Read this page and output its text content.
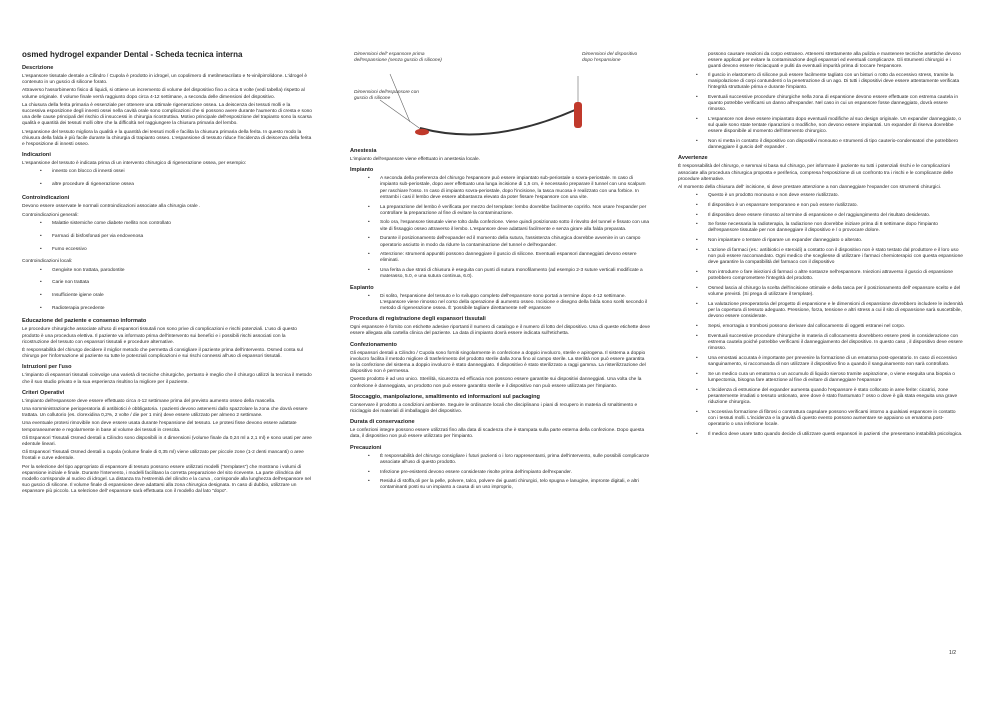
osmed hydrogel expander Dental - Scheda tecnica interna
Descrizione

L'espansore tissutale dentale a Cilindro / Cupola è prodotto in idrogel, un copolimero di metilmetacrilato e N-vinilpirrolidone. L'idrogel è contenuto in un guscio di silicone forato.

Attraverso l'assorbimento fisico di liquidi, si ottiene un incremento di volume del dispositivo fino a circa 6 volte (vedi tabella) rispetto al volume originale. Il volume finale verrà raggiunto dopo circa 4-12 settimane, a seconda delle dimensioni del dispositivo.

La chiusura della ferita primaria è essenziale per ottenere una ottimale rigenerazione ossea. La deiscenza dei tessuti molli e la successiva esposizione degli innesti ossei nella cavità orale sono complicazioni che si possono avere durante l'aumento di cresta e sono una delle cause principali del rischio di insuccessi in chirurgia ricostruttiva. Motivo principale dell'esposizione del trapianto sono la scarsa qualità e quantità dei tessuti molli oltre che la difficoltà nel raggiungere la chiusura primaria del lembo.

L'espansione del tessuto migliora la qualità e la quantità dei tessuti molli e facilita la chiusura primaria della ferita. In questo modo la chiusura della falda è più facile durante la chirurgia di trapianto osseo. L'espansione di tessuto riduce l'incidenza di deiscenza della ferita e l'esposizione di innesti osseo.

Indicazioni

L'espansione del tessuto è indicata prima di un intervento chirurgico di rigenerazione ossea, per esempio:

• innesto con blocco di innesti ossei
• altre procedure di rigenerazione ossea
Controindicazioni

Devono essere osservate le normali controindicazioni associate alla chirurgia orale .

Controindicazioni generali:

• Malattie sistemiche come diabete mellito non controllato
• Farmaci di bisfosfonati per via endovenosa
• Fumo eccessivo

Controindicazioni locali:

• Gengivite non trattata, parodontite
• Carie non trattata
• Insufficiente igiene orale
• Radioterapia precedente
Educazione del paziente e consenso informato

Le procedure chirurgiche associate all'uso di espansori tissutali non sono prive di complicazioni e rischi potenziali. L'uso di questo prodotto è una procedura elettiva. Il paziente va informato prima dell'intervento sui benefici e i possibili rischi associati con la ricostruzione del tessuto con espansori tissutali e procedure alternative.

È responsabilità del chirurgo decidere il miglior metodo che permetta di consigliare il paziente prima dell'intervento. Osmed conta sul chirurgo per l'informazione al paziente su tutte le potenziali complicazioni e sui rischi connessi all'uso di espansori tissutali.

Istruzioni per l'uso

L'impianto di espansori tissutali coinvolge una varietà di tecniche chirurgiche, pertanto è meglio che il chirurgo utilizzi la tecnica il metodo che il suo studio privato e la sua esperienza risultino la migliore per il paziente.

Criteri Operativi

L'impianto dell'espansore deve essere effettuato circa 4-12 settimane prima del previsto aumento osseo della mascella.

Una somministrazione perioperatoria di antibiotici è obbligatoria. I pazienti devono astenersi dallo spazzolare la zona che dovrà essere trattata. Un collutorio (es. clorexidina 0,2%, 2 volte / die per 1 min) deve essere utilizzato per almeno 2 settimane.

Una eventuale protesi rimovibile non deve essere usata durante l'espansione del tessuto. Le protesi fisse devono essere adattate temporaneamente e regolarmente in base al volume dei tessuti in crescita.

Gli Espansori Tissutali Osmed dentali a Cilindro sono disponibili in 4 dimensioni (volume finale da 0,24 ml a 2,1 ml) e sono usati per aree edentule lineari.

Gli Espansori Tissutali Osmed dentali a cupola (volume finale di 0,35 ml) viene utilizzato per piccole zone (1-2 denti mancanti) o aree frontali e curve edentule.

Per la selezione del tipo appropriato di espansore di tessuto possono essere utilizzati modelli ("templates") che mostrano i volumi di espansione iniziale e finale. Durante l'intervento, i modelli facilitano la corretta preparazione del sito ricevente. La parte cilindrica del modello corrisponde al nucleo di idrogel. La distanza tra l'estremità del cilindro e la curva , corrisponde alla lunghezza dell'espansore nel suo guscio di silicone. Il volume finale di espansione deve adattarsi alla zona chirurgica designata. In caso di dubbio, utilizzare un espansore più piccolo. La selezione dell' espansore sarà effettuata con il modello dal lato "dopo".

Dimensioni dell' espansore prima dell'espansione (senza guscio di silicone)
Dimensioni dell'espansore con guscio di silicone
Dimensioni del dispositivo dopo l'espansione
Anestesia

L'impianto dell'espansore viene effettuato in anestesia locale.

Impianto
• A seconda della preferenza del chirurgo l'espansore può essere impiantato sub-periostale o sovra-periostale. In caso di impianto sub-periostale, dopo aver effettuato una lunga incisione di 1,5 cm, è necessario preparare il tunnel con uno scalpum per raschiare l'osso. In caso di impianto sovra-periostale, dopo l'incisione, la tasca mucosa è realizzato con una forbice. In entrambi i casi il lembo deve essere abbastanza elevato da poter fissare l'espansore con una vite.
• La preparazione del lembo è verificata per mezzo del template: lembo dovrebbe facilmente coprirlo. Non usare l'expander per controllare la preparazione al fine di evitare la contaminazione.
• Solo ora, l'espansore tissutale viene tolto dalla confezione. Viene quindi posizionato sotto il risvolto del tunnel e fissato con una vite di fissaggio osseo attraverso il lembo. L'espansore deve adattarsi facilmente e senza girare alla falda preparata.
• Durante il posizionamento dell'expander ed il momento della sutura, l'assistenza chirurgica dovrebbe avvenire in un campo operatorio asciutto in modo da ridurre la contaminazione del tunnel e dell'expander.
• Attenzione: strumenti appuntiti possono danneggiare il guscio di silicone. Eventuali espansori danneggiati devono essere eliminati.
• Una ferita a due strati di chiusura è eseguita con punti di sutura monofilamento (ad esempio 2-3 suture verticali modificate a materasso, 5.0, e una sutura continua, 6.0).
Espianto
• Di solito, l'espansione del tessuto e lo sviluppo completo dell'espansore sono portati a termine dopo 4-12 settimane. L'espansore viene rimosso nel corso della operazione di aumento osseo. Incisione e disegno della falda sono scelti secondo il metodo di rigenerazione ossea. È 'possibile tagliare direttamente nell' espansore
Procedura di registrazione degli espansori tissutali

Ogni espansore è fornito con etichette adesive riportanti il numero di catalogo e il numero di lotto del dispositivo. Una di queste etichette deve essere allegata alla cartella clinica del paziente. La data di impianto dovrà essere indicata sull'etichetta.

Confezionamento

Gli espansori dentali a Cilindro / Cupola sono forniti singolarmente in confezione a doppio involucro, sterile e apirogena. Il sistema a doppio involucro facilita il metodo migliore di trasferimento del prodotto sterile dalla zona fino al campo sterile. La sterilità non può essere garantita se la confezione del sistema a doppio involucro è stato danneggiato. Il dispositivo è stato sterilizzato a raggi gamma. La risterilizzazione del dispositivo non è permessa.

Questo prodotto è ad uso unico. Sterilità, sicurezza ed efficacia non possono essere garantite sui dispositivi danneggiati. Una volta che la confezione è danneggiata, un prodotto non può essere garantito sterile e il dispositivo non può essere utilizzata per l'impianto.

Stoccaggio, manipolazione, smaltimento ed informazioni sul packaging

Conservare il prodotto a condizioni ambiente. Seguire le ordinanze locali che disciplinano i piani di recupero in materia di smaltimento e riciclaggio dei materiali di imballaggio del dispositivo.

Durata di conservazione

Le confezioni integre possono essere utilizzati fino alla data di scadenza che è stampata sulla parte esterna della confezione. Dopo questa data, il dispositivo non può essere utilizzato per l'impianto.

Precauzioni
• È responsabilità del chirurgo consigliare i futuri pazienti o i loro rappresentanti, prima dell'intervento, sulle possibili complicanze associate all'uso di questo prodotto.
• Infezione pre-esistenti devono essere considerate risolte prima dell'impianto dell'expander.
• Residui di stoffa,oli per la pelle, polvere, talco, polvere dei guanti chirurgici, telo spugna e lanugine, impronte digitali, e altri contaminanti posti su un impianto a causa di un uso improprio,

possono causare reazioni da corpo estraneo. Attenersi strettamente alla pulizia e mantenere tecniche asettiche devono essere applicati per evitare la contaminazione degli espansori ed eventuali complicanze. Gli strumenti chirurgici e i guanti devono essere risciacquati e puliti da eventuali impurità prima di toccare l'espansore.

• Il guscio in elastomero di silicone può essere facilmente tagliato con un bisturi o rotto da eccessivo stress, tramite la manipolazione di corpi contundenti o la penetrazione di un ago. Di tutti i dispositivi deve essere attentamente verificata l'integrità strutturale prima e durante l'impianto.
• Eventuali successive procedure chirurgiche nella zona di espansione devono essere effettuate con estrema cautela in quanto potrebbe verificarsi un danno all'expander. Nel caso in cui un espansore fosse danneggiato, dovrà essere rimosso.
• L'espansore non deve essere impiantato dopo eventuali modifiche al suo design originale. Un expander danneggiato, o sul quale sono state tentate riparazioni o modifiche, non devono essere impiantati. Un expander di riserva dovrebbe essere disponibile al momento dell'intervento chirurgico.
• Non si metta in contatto il dispositivo con dispositivi monouso e strumenti di tipo cauterio-condensatori che potrebbero danneggiare il guscio dell' expander .
Avvertenze

È responsabilità del chirurgo, e semmai si basa sul chirurgo, per informare il paziente su tutti i potenziali rischi e le complicazioni associate alla procedura chirurgica proposta e periferica, compresa l'esposizione di un confronto tra i rischi e le complicanze delle procedure alternative.

Al momento della chiusura dell' incisione, si deve prestare attenzione a non danneggiare l'expander con strumenti chirurgici.

• Questo è un prodotto monouso e non deve essere riutilizzato.
• Il dispositivo è un espansore temporaneo e non può essere riutilizzato.
• Il dispositivo deve essere rimosso al termine di espansione e del raggiungimento del risultato desiderato.
• Se fosse necessaria la radioterapia, la radiazione non dovrebbe iniziare prima di 8 settimane dopo l'impianto dell'espansore tissutale per non danneggiare il dispositivo e / o provocare dolore.
• Non impiantare o tentare di riparare un expander danneggiato o alterato.
• L'azione di farmaci (es.: antibiotici e steroidi) a contatto con il dispositivo non è stato testato dal produttore e il loro uso non può essere raccomandato. Ogni medico che scegliesse di utilizzare i farmaci chemioterapici con questa espansione deve garantire la compatibilità del farmaco con il dispositivo
• Non introdurre o fare iniezioni di farmaci o altre sostanze nell'espansore. Iniezioni attraverso il guscio di espansione potrebbero compromettere l'integrità del prodotto.
• Osmed lascia al chirurgo la scelta dell'incisione ottimale e della tasca per il posizionamento dell' espansore scelto e del volume previsti. (Si prega di utilizzare il template).
• La valutazione preoperatoria del progetto di espansione e le dimensioni di espansione dovrebbero includere le indennità per la copertura di tessuto adeguato. Pressione, forza, tensione e altri stress a cui il sito di espansione sarà suscettibile, devono essere considerate.
• Sepsi, emorragia o trombosi possono derivare dal collocamento di oggetti estranei nel corpo.
• Eventuali successive procedure chirurgiche in materia di collocamento dovrebbero essere presi in considerazione con estrema cautela poiché potrebbe verificarsi il danneggiamento del dispositivo. In questo caso , il dispositivo deve essere rimosso.
• Una emostasi accurata è importante per prevenire la formazione di un ematoma post-operatorio. In caso di eccessivo sanguinamento, si raccomanda di non utilizzare il dispositivo fino a quando il sanguinamento non sarà controllato.
• Se un medico cura un ematoma o un accumulo di liquido sieroso tramite aspirazione, o viene eseguita una biopsia o lumpectomia, bisogna fare attenzione al fine di evitare di danneggiare l'espansore
• L'incidenza di estrusione del expander aumenta quando l'espansore è stato collocato in aree ferite: cicatrici, zone pesantemente irradiati o tessuto ustionato, aree dove è stato frantumato l' osso o dove è già stata eseguita una grave riduzione chirurgica.
• L'eccessiva formazione di fibrosi o contrattura capsulare possono verificarsi intorno a qualsiasi espansore in contatto con i tessuti molli. L'incidenza e la gravità di questo evento possono aumentare se appaiono un ematoma post-operatorio o una infezione locale.
• Il medico deve usare tatto quando decide di utilizzare questi espansori in pazienti che presentano instabilità psicologica.
1/2
